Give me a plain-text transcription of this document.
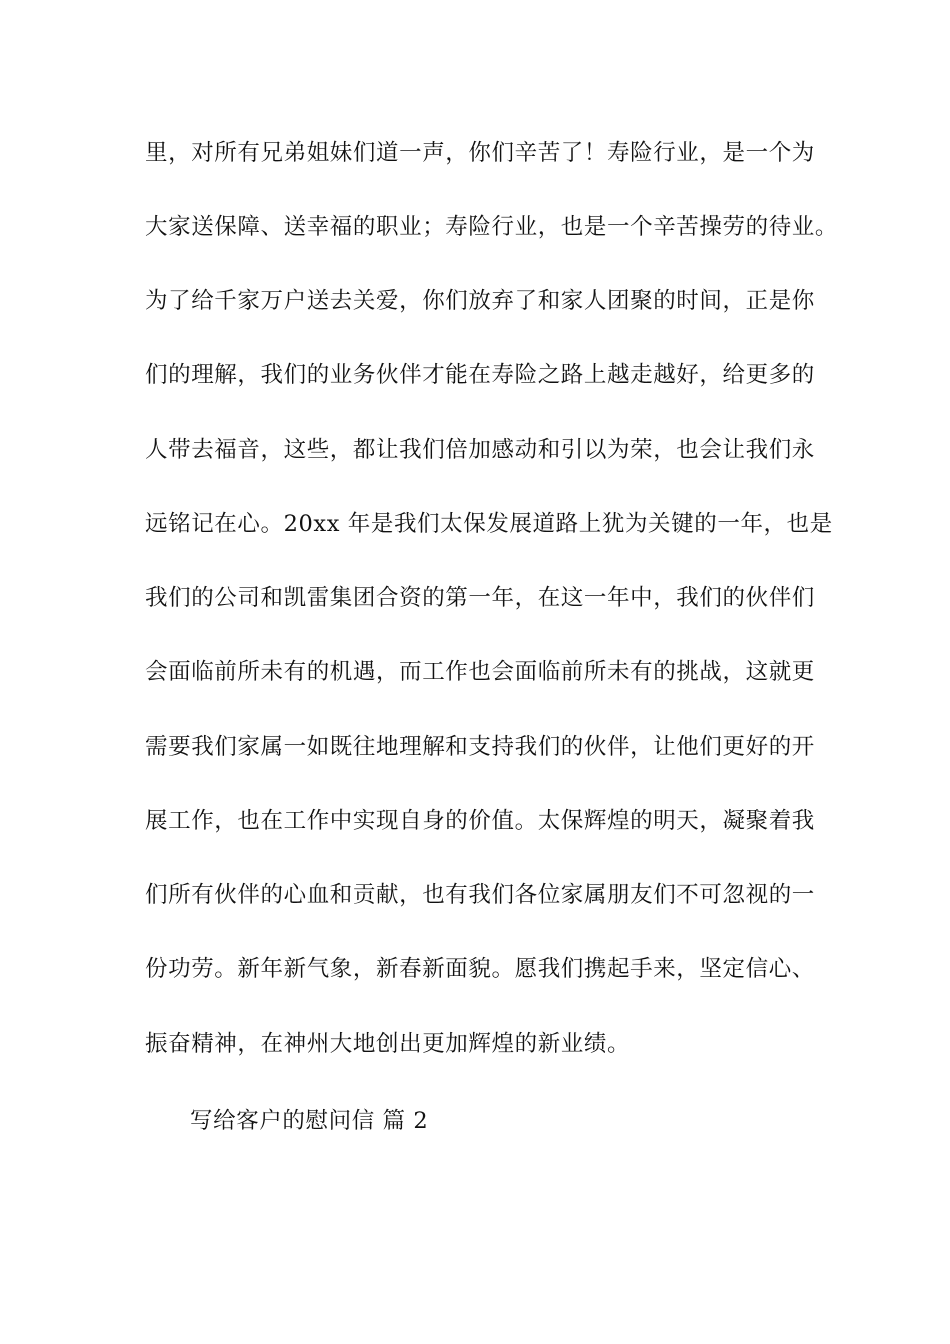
里，对所有兄弟姐妹们道一声，你们辛苦了！寿险行业，是一个为
大家送保障、送幸福的职业；寿险行业，也是一个辛苦操劳的待业。
为了给千家万户送去关爱，你们放弃了和家人团聚的时间，正是你
们的理解，我们的业务伙伴才能在寿险之路上越走越好，给更多的
人带去福音，这些，都让我们倍加感动和引以为荣，也会让我们永
远铭记在心。20xx 年是我们太保发展道路上犹为关键的一年，也是
我们的公司和凯雷集团合资的第一年，在这一年中，我们的伙伴们
会面临前所未有的机遇，而工作也会面临前所未有的挑战，这就更
需要我们家属一如既往地理解和支持我们的伙伴，让他们更好的开
展工作，也在工作中实现自身的价值。太保辉煌的明天，凝聚着我
们所有伙伴的心血和贡献，也有我们各位家属朋友们不可忽视的一
份功劳。新年新气象，新春新面貌。愿我们携起手来，坚定信心、
振奋精神，在神州大地创出更加辉煌的新业绩。
写给客户的慰问信 篇 2
